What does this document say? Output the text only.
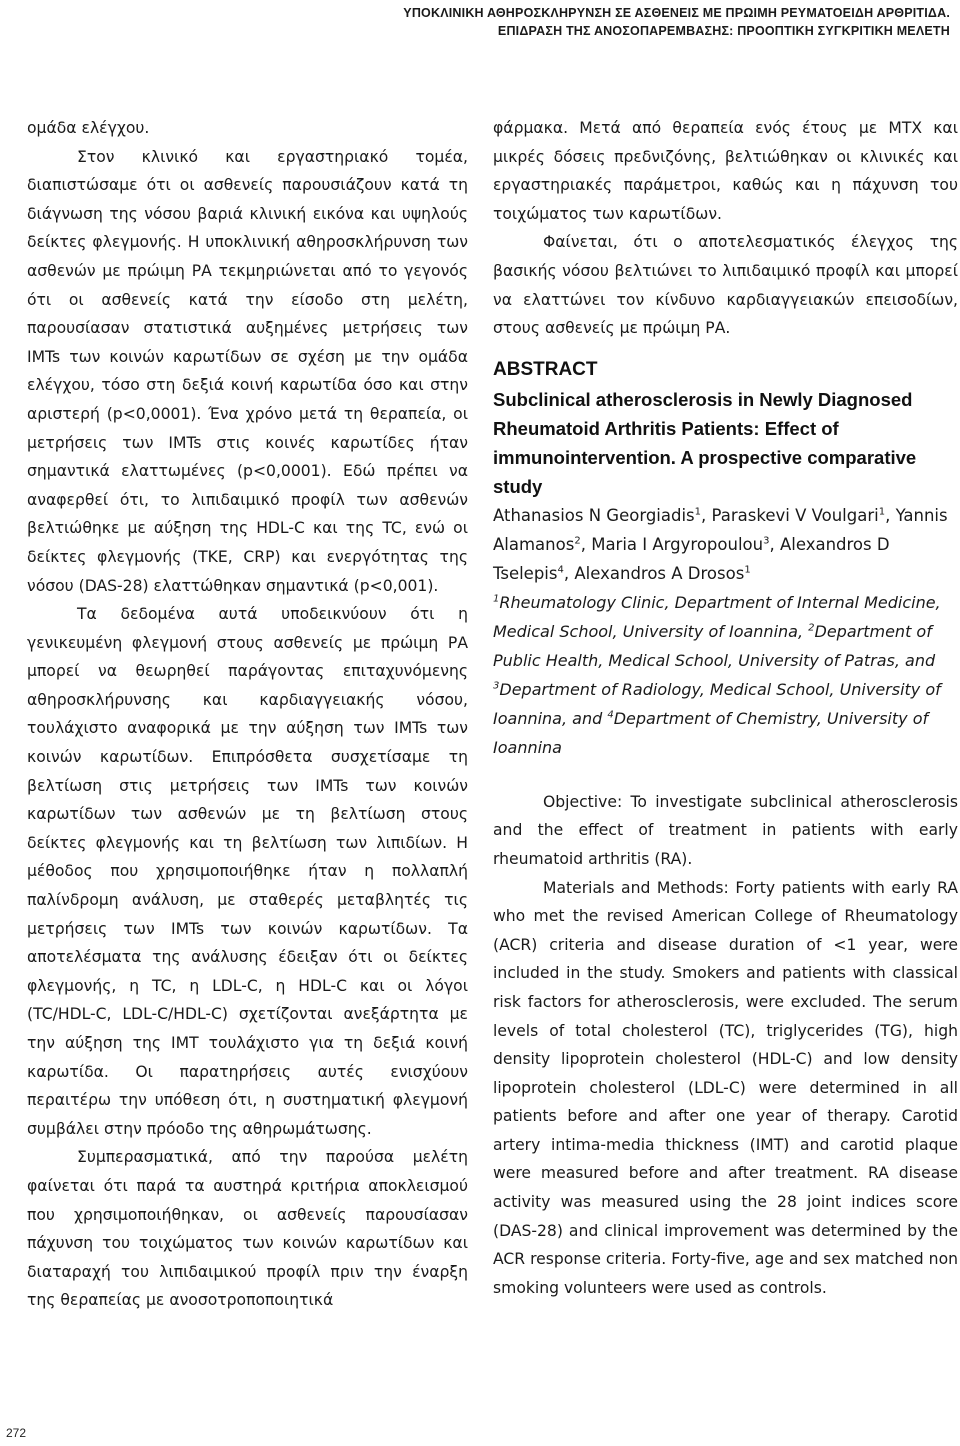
ΥΠΟΚΛΙΝΙΚΗ ΑΘΗΡΟΣΚΛΗΡΥΝΣΗ ΣΕ ΑΣΘΕΝΕΙΣ ΜΕ ΠΡΩΙΜΗ ΡΕΥΜΑΤΟΕΙΔΗ ΑΡΘΡΙΤΙΔΑ.
ΕΠΙΔΡΑΣΗ ΤΗΣ ΑΝΟΣΟΠΑΡΕΜΒΑΣΗΣ: ΠΡΟΟΠΤΙΚΗ ΣΥΓΚΡΙΤΙΚΗ ΜΕΛΕΤΗ

ομάδα ελέγχου.

Στον κλινικό και εργαστηριακό τομέα, διαπιστώσαμε ότι οι ασθενείς παρουσιάζουν κατά τη διάγνωση της νόσου βαριά κλινική εικόνα και υψηλούς δείκτες φλεγμονής. Η υποκλινική αθηροσκλήρυνση των ασθενών με πρώιμη ΡΑ τεκμηριώνεται από το γεγονός ότι οι ασθενείς κατά την είσοδο στη μελέτη, παρουσίασαν στατιστικά αυξημένες μετρήσεις των IMTs των κοινών καρωτίδων σε σχέση με την ομάδα ελέγχου, τόσο στη δεξιά κοινή καρωτίδα όσο και στην αριστερή (p<0,0001). Ένα χρόνο μετά τη θεραπεία, οι μετρήσεις των IMTs στις κοινές καρωτίδες ήταν σημαντικά ελαττωμένες (p<0,0001). Εδώ πρέπει να αναφερθεί ότι, το λιπιδαιμικό προφίλ των ασθενών βελτιώθηκε με αύξηση της HDL-C και της TC, ενώ οι δείκτες φλεγμονής (ΤΚΕ, CRP) και ενεργότητας της νόσου (DAS-28) ελαττώθηκαν σημαντικά (p<0,001).

Τα δεδομένα αυτά υποδεικνύουν ότι η γενικευμένη φλεγμονή στους ασθενείς με πρώιμη ΡΑ μπορεί να θεωρηθεί παράγοντας επιταχυνόμενης αθηροσκλήρυνσης και καρδιαγγειακής νόσου, τουλάχιστο αναφορικά με την αύξηση των IMTs των κοινών καρωτίδων. Επιπρόσθετα συσχετίσαμε τη βελτίωση στις μετρήσεις των IMTs των κοινών καρωτίδων των ασθενών με τη βελτίωση στους δείκτες φλεγμονής και τη βελτίωση των λιπιδίων. Η μέθοδος που χρησιμοποιήθηκε ήταν η πολλαπλή παλίνδρομη ανάλυση, με σταθερές μεταβλητές τις μετρήσεις των IMTs των κοινών καρωτίδων. Τα αποτελέσματα της ανάλυσης έδειξαν ότι οι δείκτες φλεγμονής, η TC, η LDL-C, η HDL-C και οι λόγοι (TC/HDL-C, LDL-C/HDL-C) σχετίζονται ανεξάρτητα με την αύξηση της IMT τουλάχιστο για τη δεξιά κοινή καρωτίδα. Οι παρατηρήσεις αυτές ενισχύουν περαιτέρω την υπόθεση ότι, η συστηματική φλεγμονή συμβάλει στην πρόοδο της αθηρωμάτωσης.

Συμπερασματικά, από την παρούσα μελέτη φαίνεται ότι παρά τα αυστηρά κριτήρια αποκλεισμού που χρησιμοποιήθηκαν, οι ασθενείς παρουσίασαν πάχυνση του τοιχώματος των κοινών καρωτίδων και διαταραχή του λιπιδαιμικού προφίλ πριν την έναρξη της θεραπείας με ανοσοτροποποιητικά

φάρμακα. Μετά από θεραπεία ενός έτους με MTX και μικρές δόσεις πρεδνιζόνης, βελτιώθηκαν οι κλινικές και εργαστηριακές παράμετροι, καθώς και η πάχυνση του τοιχώματος των καρωτίδων.

Φαίνεται, ότι ο αποτελεσματικός έλεγχος της βασικής νόσου βελτιώνει το λιπιδαιμικό προφίλ και μπορεί να ελαττώνει τον κίνδυνο καρδιαγγειακών επεισοδίων, στους ασθενείς με πρώιμη ΡΑ.

ABSTRACT
Subclinical atherosclerosis in Newly Diagnosed Rheumatoid Arthritis Patients: Effect of immunointervention. A prospective comparative study
Athanasios N Georgiadis$^1$, Paraskevi V Voulgari$^1$, Yannis Alamanos$^2$, Maria I Argyropoulou$^3$, Alexandros D Tselepis$^4$, Alexandros A Drosos$^1$
$^1$Rheumatology Clinic, Department of Internal Medicine, Medical School, University of Ioannina, $^2$Department of Public Health, Medical School, University of Patras, and $^3$Department of Radiology, Medical School, University of Ioannina, and $^4$Department of Chemistry, University of Ioannina

Objective: To investigate subclinical atherosclerosis and the effect of treatment in patients with early rheumatoid arthritis (RA).

Materials and Methods: Forty patients with early RA who met the revised American College of Rheumatology (ACR) criteria and disease duration of <1 year, were included in the study. Smokers and patients with classical risk factors for atherosclerosis, were excluded. The serum levels of total cholesterol (TC), triglycerides (TG), high density lipoprotein cholesterol (HDL-C) and low density lipoprotein cholesterol (LDL-C) were determined in all patients before and after one year of therapy. Carotid artery intima-media thickness (IMT) and carotid plaque were measured before and after treatment. RA disease activity was measured using the 28 joint indices score (DAS-28) and clinical improvement was determined by the ACR response criteria. Forty-five, age and sex matched non smoking volunteers were used as controls.

272
